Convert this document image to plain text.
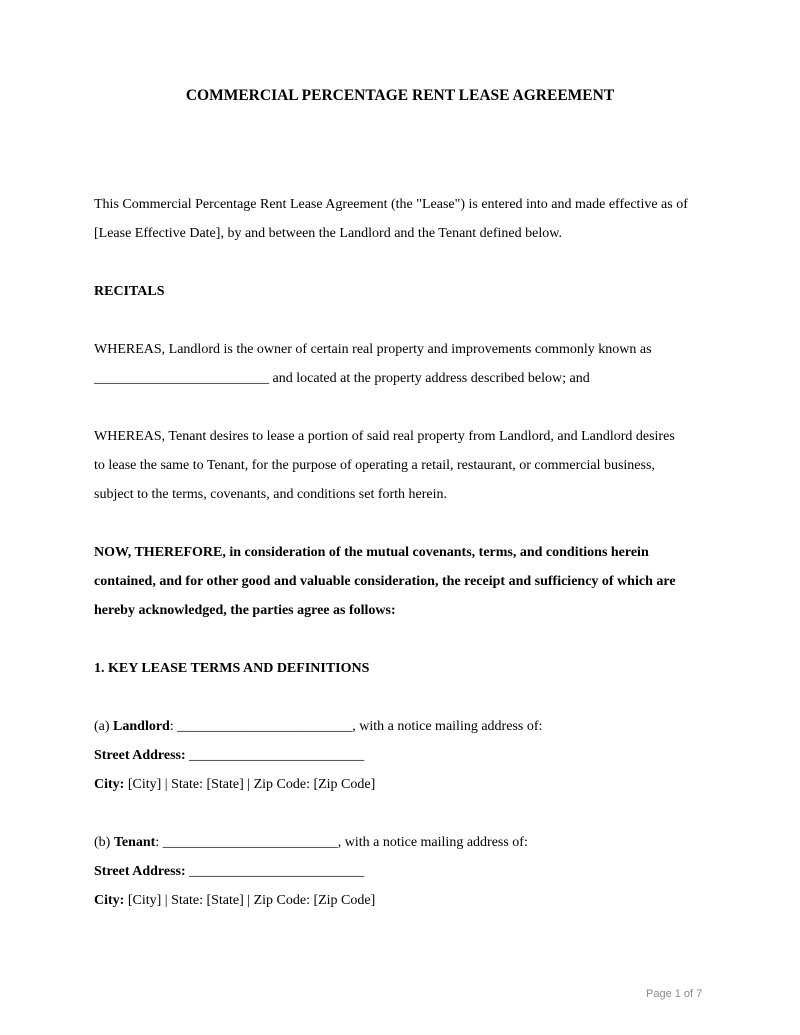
COMMERCIAL PERCENTAGE RENT LEASE AGREEMENT

This Commercial Percentage Rent Lease Agreement (the "Lease") is entered into and made effective as of

[Lease Effective Date], by and between the Landlord and the Tenant defined below.

RECITALS

WHEREAS, Landlord is the owner of certain real property and improvements commonly known as

_________________________ and located at the property address described below; and

WHEREAS, Tenant desires to lease a portion of said real property from Landlord, and Landlord desires

to lease the same to Tenant, for the purpose of operating a retail, restaurant, or commercial business,

subject to the terms, covenants, and conditions set forth herein.

NOW, THEREFORE, in consideration of the mutual covenants, terms, and conditions herein

contained, and for other good and valuable consideration, the receipt and sufficiency of which are

hereby acknowledged, the parties agree as follows:

1. KEY LEASE TERMS AND DEFINITIONS

(a) Landlord: _________________________, with a notice mailing address of:

Street Address: _________________________

City: [City] | State: [State] | Zip Code: [Zip Code]

(b) Tenant: _________________________, with a notice mailing address of:

Street Address: _________________________

City: [City] | State: [State] | Zip Code: [Zip Code]

Page 1 of 7
